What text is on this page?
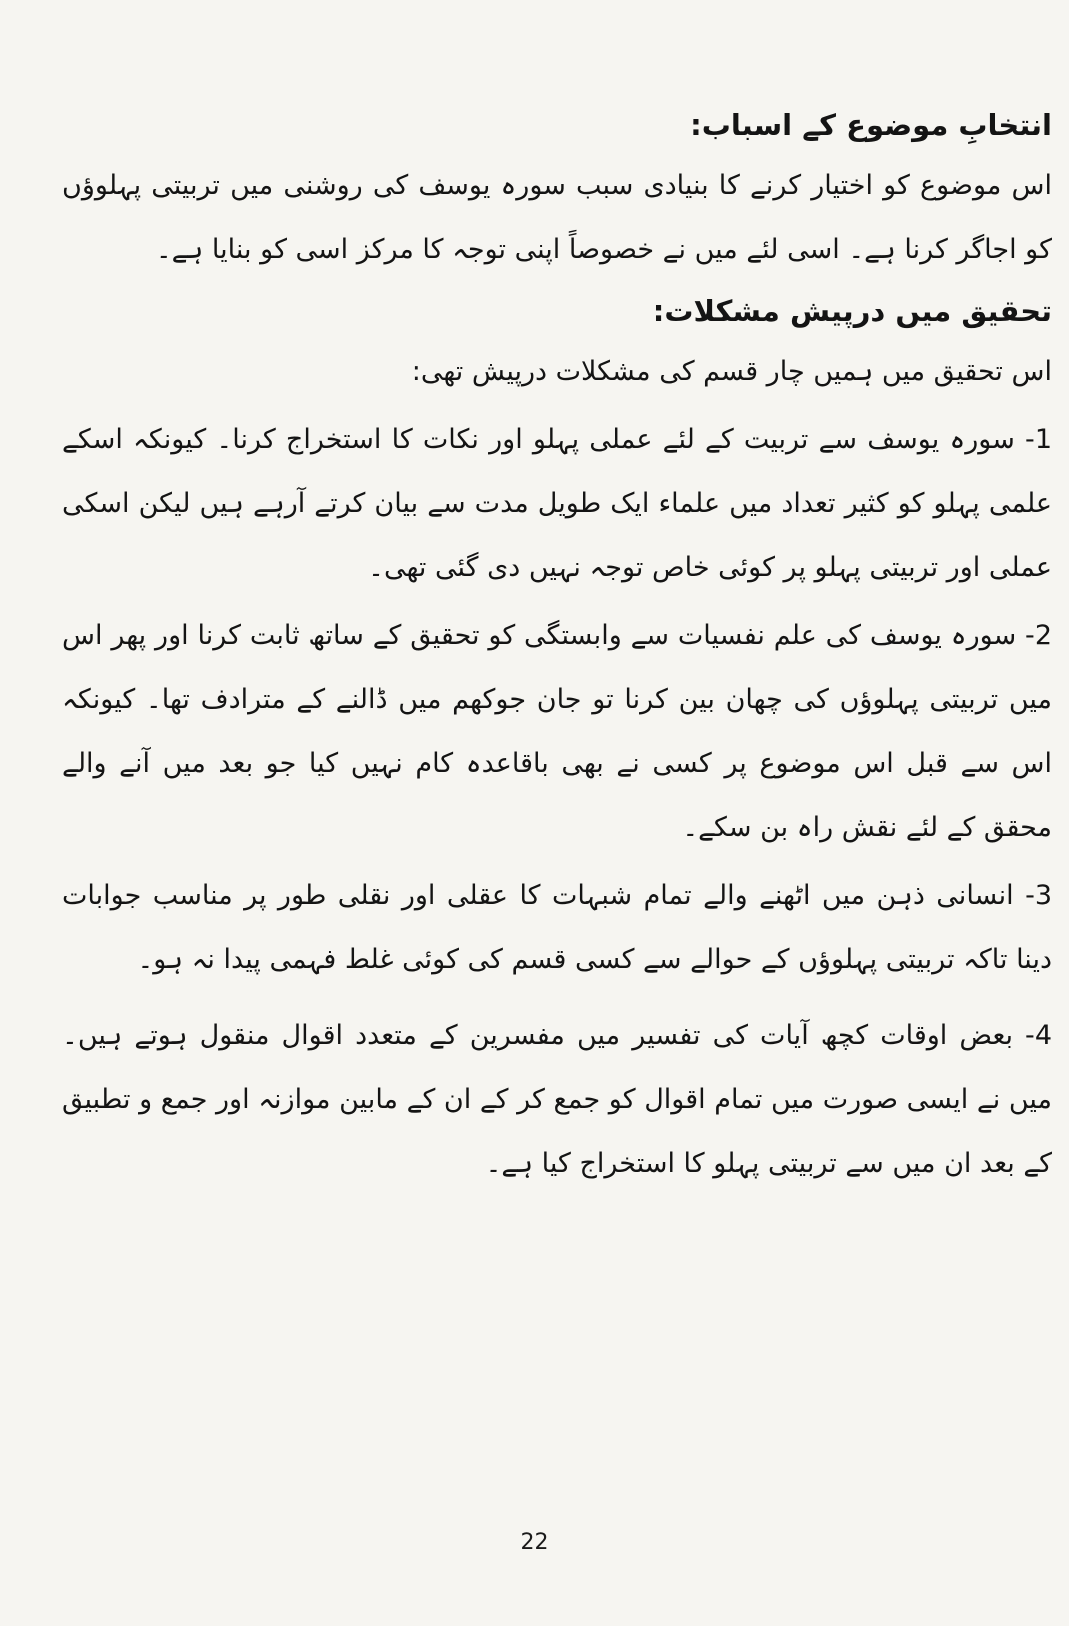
انتخابِ موضوع کے اسباب:

اس موضوع کو اختیار کرنے کا بنیادی سبب سورہ یوسف کی روشنی میں تربیتی پہلوؤں کو اجاگر کرنا ہے۔ اسی لئے میں نے خصوصاً اپنی توجہ کا مرکز اسی کو بنایا ہے۔

تحقیق میں درپیش مشکلات:

اس تحقیق میں ہمیں چار قسم کی مشکلات درپیش تھی:

1- سورہ یوسف سے تربیت کے لئے عملی پہلو اور نکات کا استخراج کرنا۔ کیونکہ اسکے علمی پہلو کو کثیر تعداد میں علماء ایک طویل مدت سے بیان کرتے آرہے ہیں لیکن اسکی عملی اور تربیتی پہلو پر کوئی خاص توجہ نہیں دی گئی تھی۔

2- سورہ یوسف کی علم نفسیات سے وابستگی کو تحقیق کے ساتھ ثابت کرنا اور پھر اس میں تربیتی پہلوؤں کی چھان بین کرنا تو جان جوکھم میں ڈالنے کے مترادف تھا۔ کیونکہ اس سے قبل اس موضوع پر کسی نے بھی باقاعدہ کام نہیں کیا جو بعد میں آنے والے محقق کے لئے نقش راہ بن سکے۔

3- انسانی ذہن میں اٹھنے والے تمام شبہات کا عقلی اور نقلی طور پر مناسب جوابات دینا تاکہ تربیتی پہلوؤں کے حوالے سے کسی قسم کی کوئی غلط فہمی پیدا نہ ہو۔

4- بعض اوقات کچھ آیات کی تفسیر میں مفسرین کے متعدد اقوال منقول ہوتے ہیں۔ میں نے ایسی صورت میں تمام اقوال کو جمع کر کے ان کے مابین موازنہ اور جمع و تطبیق کے بعد ان میں سے تربیتی پہلو کا استخراج کیا ہے۔

22
